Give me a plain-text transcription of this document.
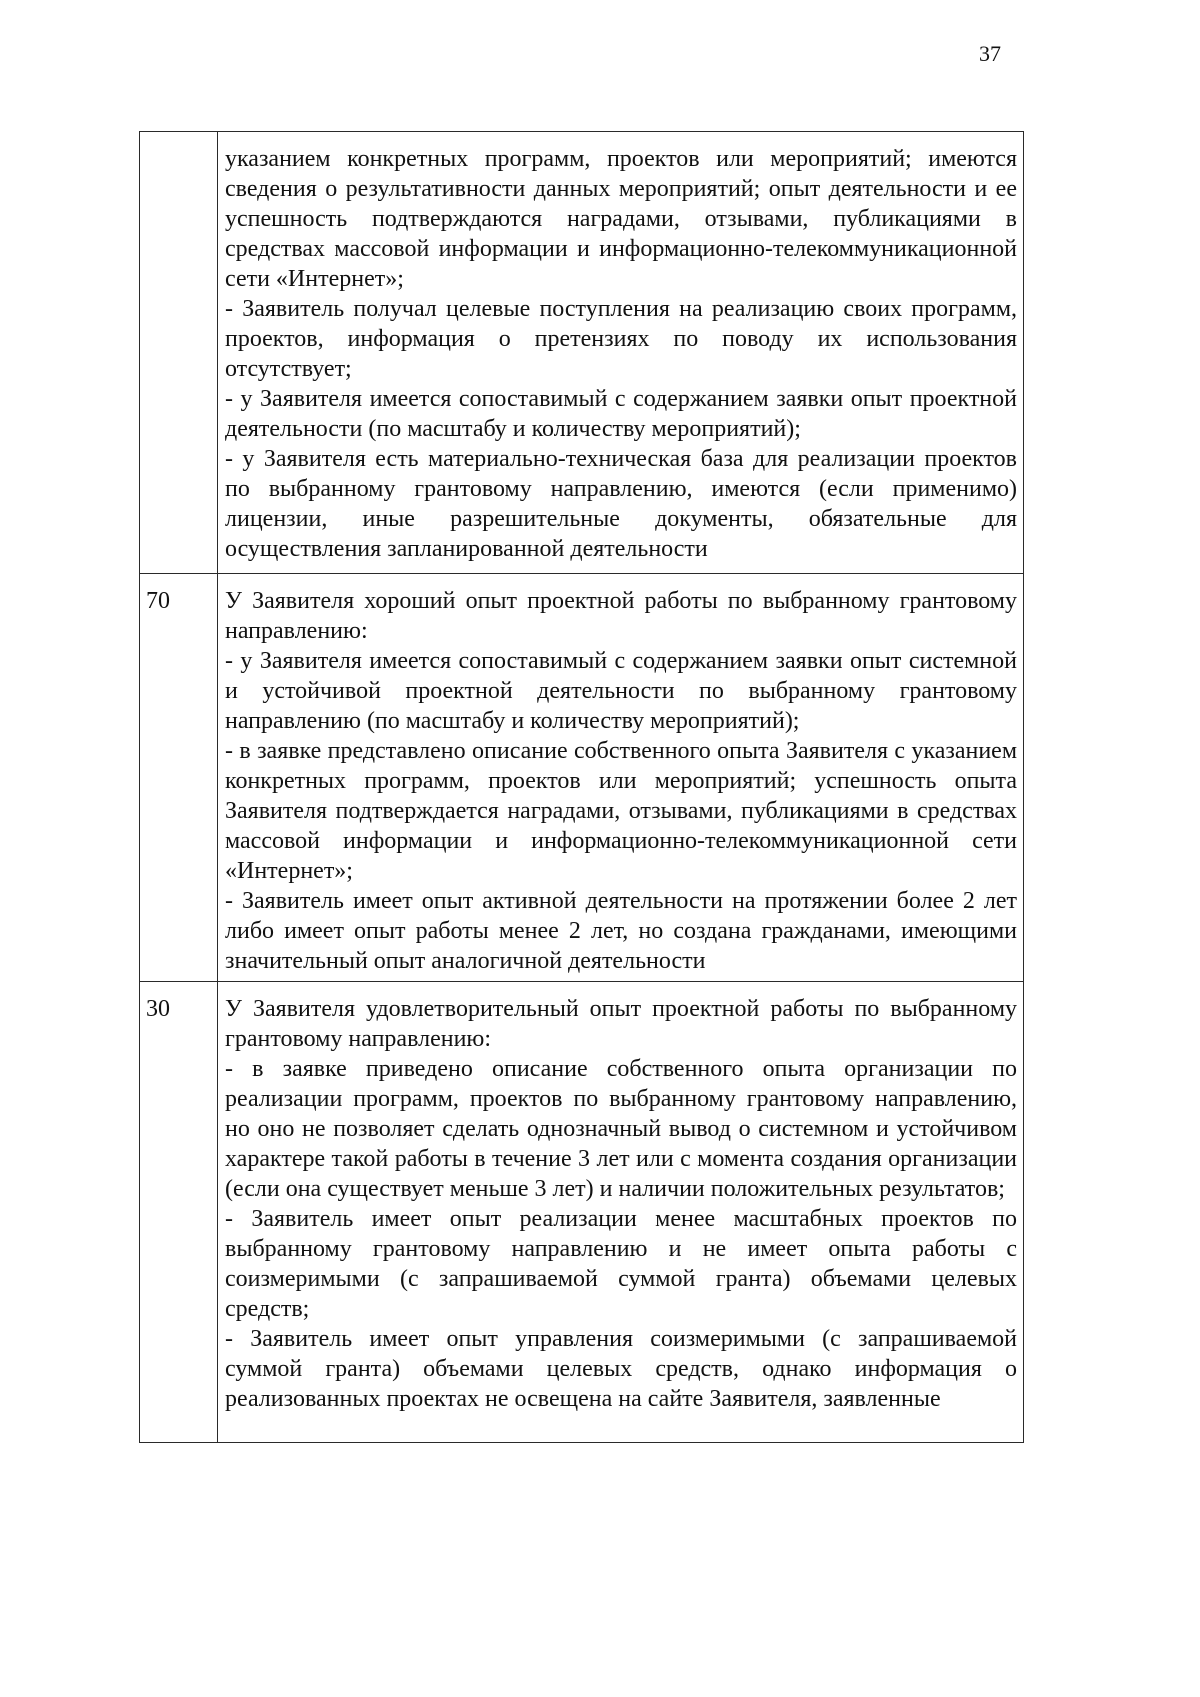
37

	указанием конкретных программ, проектов или мероприятий; имеются сведения о результативности данных мероприятий; опыт деятельности и ее успешность подтверждаются наградами, отзывами, публикациями в средствах массовой информации и информационно-телекоммуникационной сети «Интернет»;
- Заявитель получал целевые поступления на реализацию своих программ, проектов, информация о претензиях по поводу их использования отсутствует;
- у Заявителя имеется сопоставимый с содержанием заявки опыт проектной деятельности (по масштабу и количеству мероприятий);
- у Заявителя есть материально-техническая база для реализации проектов по выбранному грантовому направлению, имеются (если применимо) лицензии, иные разрешительные документы, обязательные для осуществления запланированной деятельности

70	У Заявителя хороший опыт проектной работы по выбранному грантовому направлению:
- у Заявителя имеется сопоставимый с содержанием заявки опыт системной и устойчивой проектной деятельности по выбранному грантовому направлению (по масштабу и количеству мероприятий);
- в заявке представлено описание собственного опыта Заявителя с указанием конкретных программ, проектов или мероприятий; успешность опыта Заявителя подтверждается наградами, отзывами, публикациями в средствах массовой информации и информационно-телекоммуникационной сети «Интернет»;
- Заявитель имеет опыт активной деятельности на протяжении более 2 лет либо имеет опыт работы менее 2 лет, но создана гражданами, имеющими значительный опыт аналогичной деятельности

30	У Заявителя удовлетворительный опыт проектной работы по выбранному грантовому направлению:
- в заявке приведено описание собственного опыта организации по реализации программ, проектов по выбранному грантовому направлению, но оно не позволяет сделать однозначный вывод о системном и устойчивом характере такой работы в течение 3 лет или с момента создания организации (если она существует меньше 3 лет) и наличии положительных результатов;
- Заявитель имеет опыт реализации менее масштабных проектов по выбранному грантовому направлению и не имеет опыта работы с соизмеримыми (с запрашиваемой суммой гранта) объемами целевых средств;
- Заявитель имеет опыт управления соизмеримыми (с запрашиваемой суммой гранта) объемами целевых средств, однако информация о реализованных проектах не освещена на сайте Заявителя, заявленные
